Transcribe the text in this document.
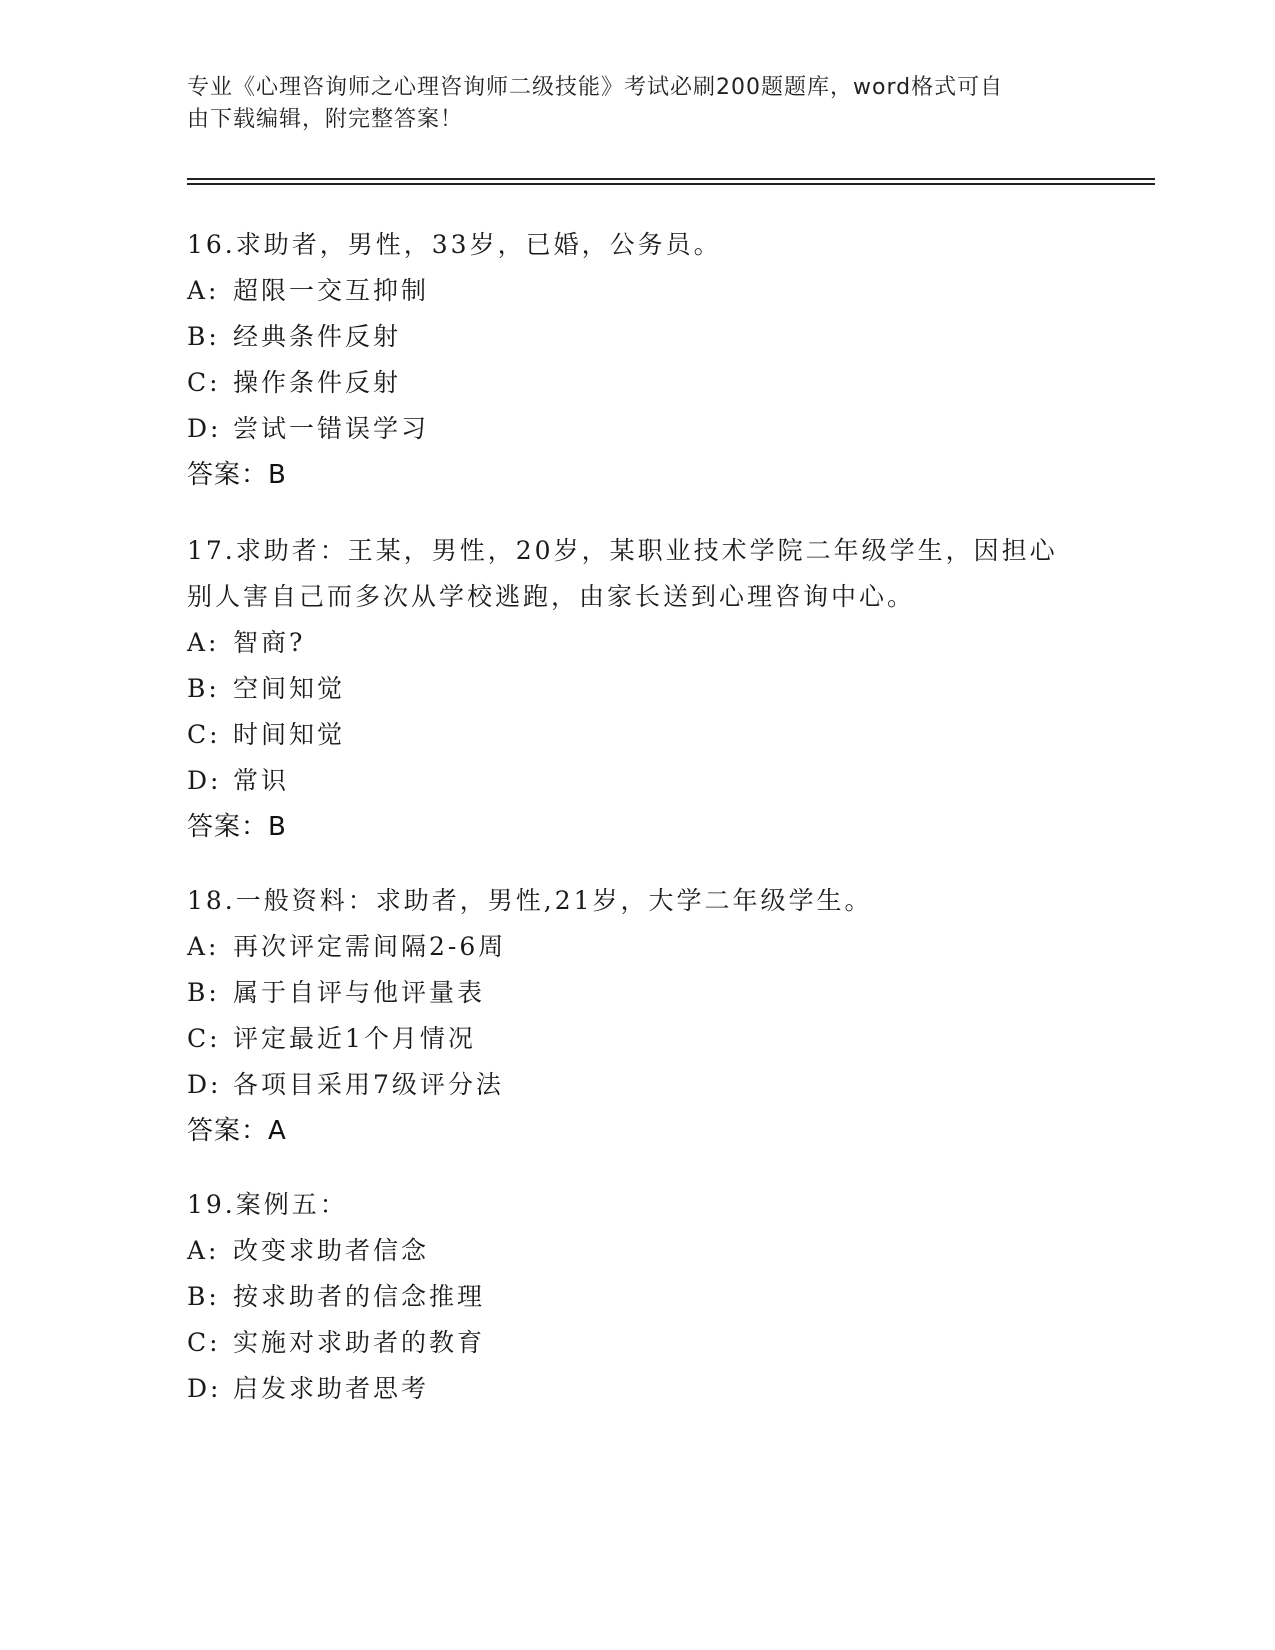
专业《心理咨询师之心理咨询师二级技能》考试必刷200题题库，word格式可自
由下载编辑，附完整答案！

16.求助者，男性，33岁，已婚，公务员。

A: 超限一交互抑制

B: 经典条件反射

C: 操作条件反射

D: 尝试一错误学习

答案：B

17.求助者：王某，男性，20岁，某职业技术学院二年级学生，因担心

别人害自己而多次从学校逃跑，由家长送到心理咨询中心。

A: 智商?

B: 空间知觉

C: 时间知觉

D: 常识

答案：B

18.一般资料：求助者，男性,21岁，大学二年级学生。

A: 再次评定需间隔2-6周

B: 属于自评与他评量表

C: 评定最近1个月情况

D: 各项目采用7级评分法

答案：A

19.案例五：

A: 改变求助者信念

B: 按求助者的信念推理

C: 实施对求助者的教育

D: 启发求助者思考
